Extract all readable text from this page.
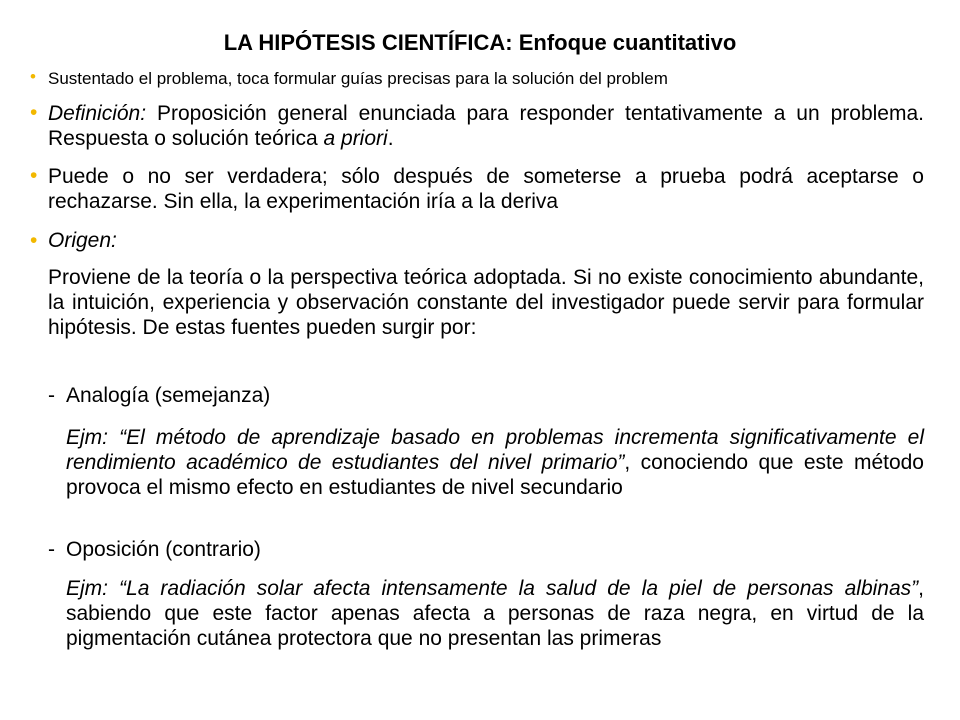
LA HIPÓTESIS CIENTÍFICA: Enfoque cuantitativo
• Sustentado el problema, toca formular guías precisas para la solución del problem
• Definición: Proposición general enunciada para responder tentativamente a un problema. Respuesta o solución teórica a priori.
• Puede o no ser verdadera; sólo después de someterse a prueba podrá aceptarse o rechazarse. Sin ella, la experimentación iría a la deriva
• Origen:
Proviene de la teoría o la perspectiva teórica adoptada. Si no existe conocimiento abundante, la intuición, experiencia y observación constante del investigador puede servir para formular hipótesis. De estas fuentes pueden surgir por:
- Analogía (semejanza)
Ejm: “El método de aprendizaje basado en problemas incrementa significativamente el rendimiento académico de estudiantes del nivel primario”, conociendo que este método provoca el mismo efecto en estudiantes de nivel secundario
- Oposición (contrario)
Ejm: “La radiación solar afecta intensamente la salud de la piel de personas albinas”, sabiendo que este factor apenas afecta a personas de raza negra, en virtud de la pigmentación cutánea protectora que no presentan las primeras
